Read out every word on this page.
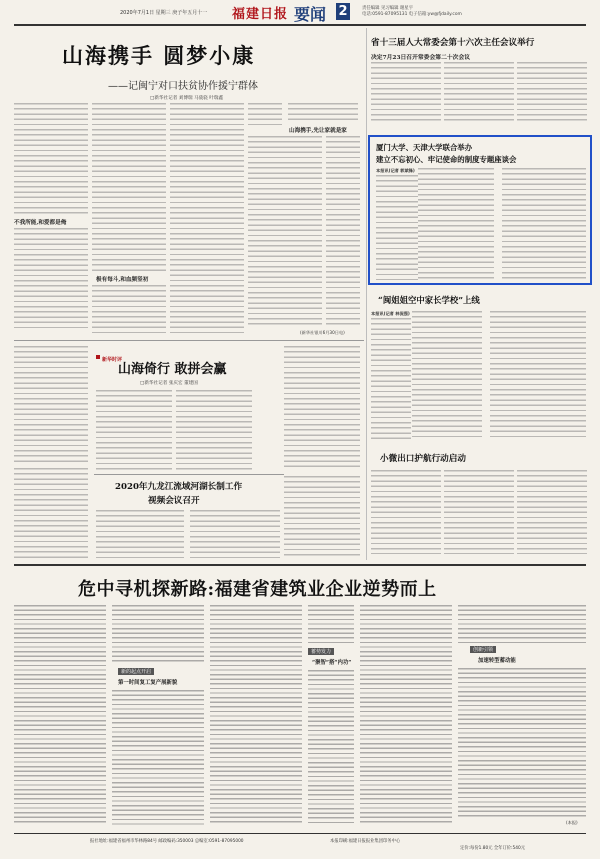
2020年7月1日 星期三 庚子年五月十一 福建日报 要闻 2	责任编辑 见习编辑 谢星宇
电话:0591-87095131 电子信箱:yw@fjdaily.com
山海携手 圆梦小康
——记闽宁对口扶贫协作援宁群体
□新华社记者 刘博瑞 马骁骁 叶瑞鑫
不我所能,和爱都是俺
极有每斗,和血频竖初
山海携手,先让家就是家
(新华社银川6月30日电)
省十三届人大常委会第十六次主任会议举行
决定7月23日召开常委会第二十次会议
厦门大学、天津大学联合举办
建立不忘初心、牢记使命的制度专题座谈会
本报讯(记者 郭斌锋)
“闽姐姐空中家长学校”上线
本报讯(记者 林侃强)
小微出口护航行动启动
新华时评
山海倚行 敢拼会赢
□新华社记者 张庆宏 董建国
2020年九龙江流域河湖长制工作
视频会议召开
危中寻机探新路:福建省建筑业企业逆势而上
新的起点开启
第一时间复工复产展新貌
蓄势发力
“聚智”搭“内功”
创新引领
加速转型蓄动能
(本报)
报社地址:福建省福州市华林路84号 邮政编码:350003 总编室:0591-87095000	本报印刷:福建日报报业集团印务中心
定价:每份1.80元 全年订价:540元
